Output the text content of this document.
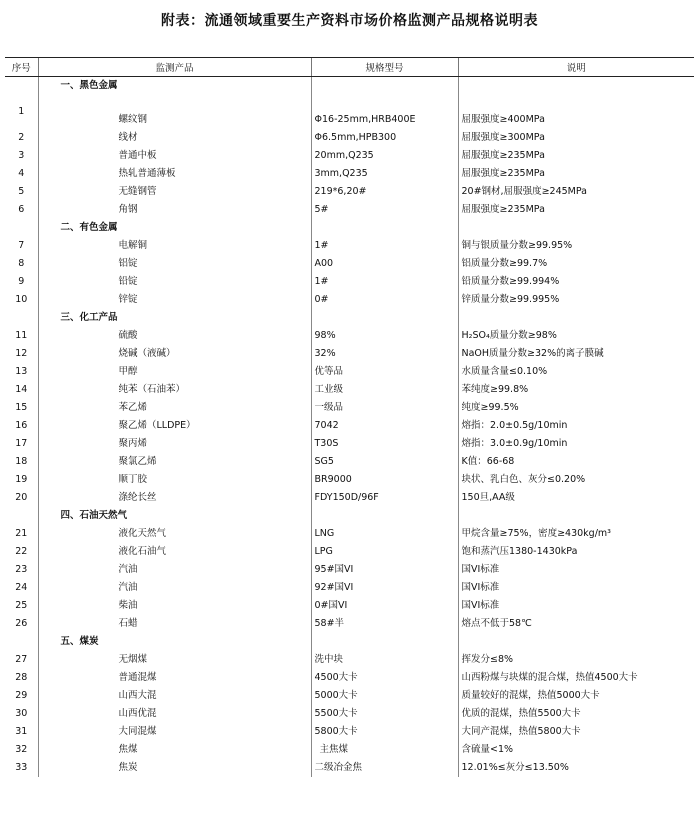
附表：流通领域重要生产资料市场价格监测产品规格说明表
序号	监测产品	规格型号	说明
	一、黑色金属		
1	螺纹钢	Φ16-25mm,HRB400E	屈服强度≥400MPa
2	线材	Φ6.5mm,HPB300	屈服强度≥300MPa
3	普通中板	20mm,Q235	屈服强度≥235MPa
4	热轧普通薄板	3mm,Q235	屈服强度≥235MPa
5	无缝钢管	219*6,20#	20#钢材,屈服强度≥245MPa
6	角钢	5#	屈服强度≥235MPa
	二、有色金属		
7	电解铜	1#	铜与银质量分数≥99.95%
8	铝锭	A00	铝质量分数≥99.7%
9	铅锭	1#	铅质量分数≥99.994%
10	锌锭	0#	锌质量分数≥99.995%
	三、化工产品		
11	硫酸	98%	H₂SO₄质量分数≥98%
12	烧碱（液碱）	32%	NaOH质量分数≥32%的离子膜碱
13	甲醇	优等品	水质量含量≤0.10%
14	纯苯（石油苯）	工业级	苯纯度≥99.8%
15	苯乙烯	一级品	纯度≥99.5%
16	聚乙烯（LLDPE）	7042	熔指：2.0±0.5g/10min
17	聚丙烯	T30S	熔指：3.0±0.9g/10min
18	聚氯乙烯	SG5	K值：66-68
19	顺丁胶	BR9000	块状、乳白色、灰分≤0.20%
20	涤纶长丝	FDY150D/96F	150旦,AA级
	四、石油天然气		
21	液化天然气	LNG	甲烷含量≥75%，密度≥430kg/m³
22	液化石油气	LPG	饱和蒸汽压1380-1430kPa
23	汽油	95#国VI	国VI标准
24	汽油	92#国VI	国VI标准
25	柴油	0#国VI	国VI标准
26	石蜡	58#半	熔点不低于58℃
	五、煤炭		
27	无烟煤	洗中块	挥发分≤8%
28	普通混煤	4500大卡	山西粉煤与块煤的混合煤，热值4500大卡
29	山西大混	5000大卡	质量较好的混煤，热值5000大卡
30	山西优混	5500大卡	优质的混煤，热值5500大卡
31	大同混煤	5800大卡	大同产混煤，热值5800大卡
32	焦煤	主焦煤	含硫量<1%
33	焦炭	二级冶金焦	12.01%≤灰分≤13.50%
